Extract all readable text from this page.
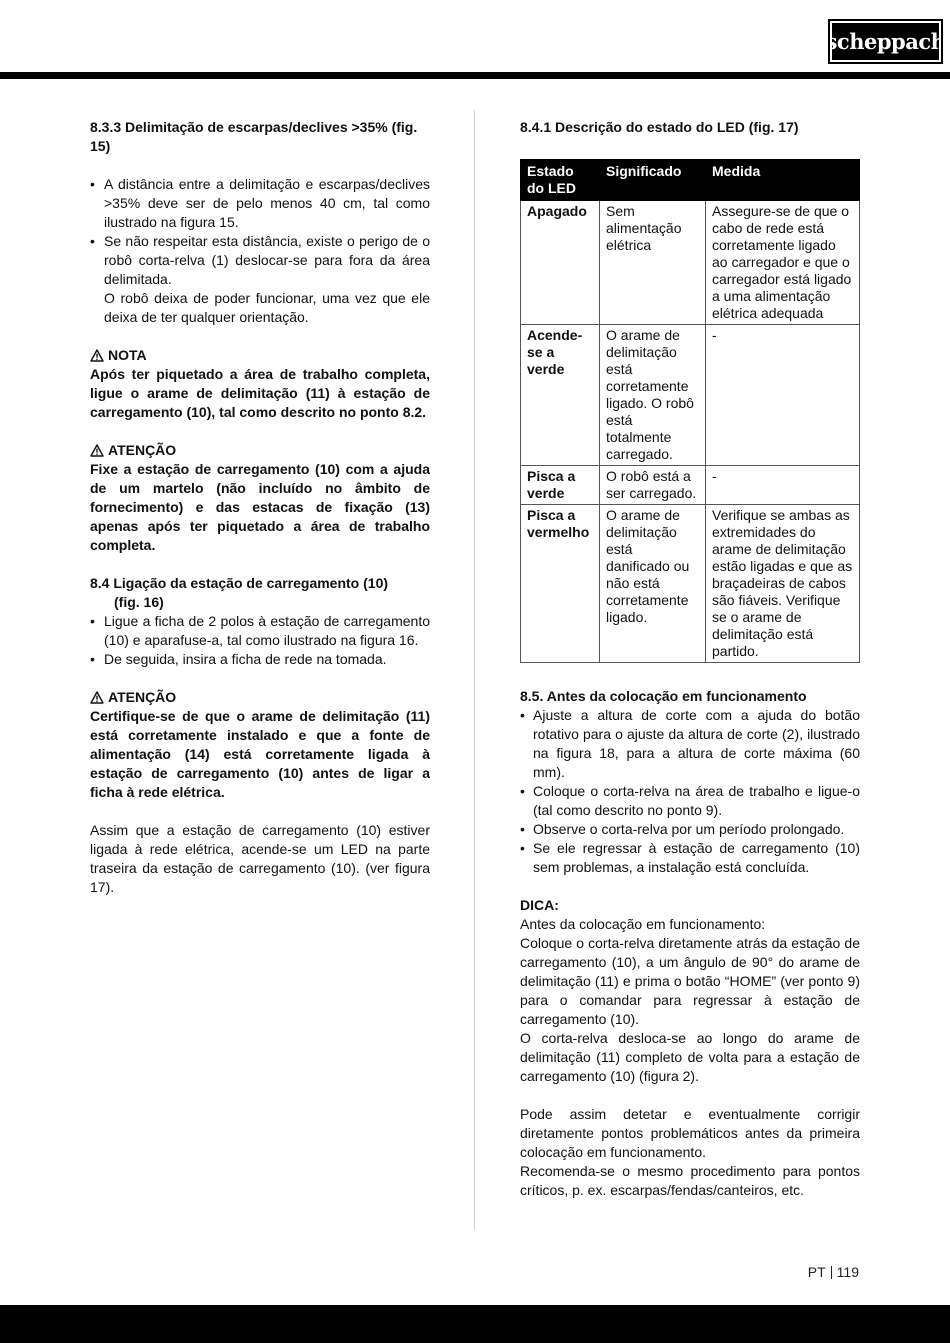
scheppach

8.3.3 Delimitação de escarpas/declives >35% (fig. 15)

• A distância entre a delimitação e escarpas/declives >35% deve ser de pelo menos 40 cm, tal como ilustrado na figura 15.
• Se não respeitar esta distância, existe o perigo de o robô corta-relva (1) deslocar-se para fora da área delimitada.

O robô deixa de poder funcionar, uma vez que ele deixa de ter qualquer orientação.

NOTA

Após ter piquetado a área de trabalho completa, ligue o arame de delimitação (11) à estação de carregamento (10), tal como descrito no ponto 8.2.

ATENÇÃO

Fixe a estação de carregamento (10) com a ajuda de um martelo (não incluído no âmbito de fornecimento) e das estacas de fixação (13) apenas após ter piquetado a área de trabalho completa.

8.4 Ligação da estação de carregamento (10)

(fig. 16)

• Ligue a ficha de 2 polos à estação de carregamento (10) e aparafuse-a, tal como ilustrado na figura 16.
• De seguida, insira a ficha de rede na tomada.
ATENÇÃO

Certifique-se de que o arame de delimitação (11) está corretamente instalado e que a fonte de alimentação (14) está corretamente ligada à estação de carregamento (10) antes de ligar a ficha à rede elétrica.

Assim que a estação de carregamento (10) estiver ligada à rede elétrica, acende-se um LED na parte traseira da estação de carregamento (10). (ver figura 17).

8.4.1 Descrição do estado do LED (fig. 17)

Estado do LED	Significado	Medida
Apagado	Sem alimentação elétrica	Assegure-se de que o cabo de rede está corretamente ligado ao carregador e que o carregador está ligado a uma alimentação elétrica adequada
Acende-se a verde	O arame de delimitação está corretamente ligado. O robô está totalmente carregado.	-
Pisca a verde	O robô está a ser carregado.	-
Pisca a vermelho	O arame de delimitação está danificado ou não está corretamente ligado.	Verifique se ambas as extremidades do arame de delimitação estão ligadas e que as braçadeiras de cabos são fiáveis. Verifique se o arame de delimitação está partido.

8.5. Antes da colocação em funcionamento

• Ajuste a altura de corte com a ajuda do botão rotativo para o ajuste da altura de corte (2), ilustrado na figura 18, para a altura de corte máxima (60 mm).
• Coloque o corta-relva na área de trabalho e ligue-o (tal como descrito no ponto 9).
• Observe o corta-relva por um período prolongado.
• Se ele regressar à estação de carregamento (10) sem problemas, a instalação está concluída.

DICA:

Antes da colocação em funcionamento:

Coloque o corta-relva diretamente atrás da estação de carregamento (10), a um ângulo de 90° do arame de delimitação (11) e prima o botão “HOME” (ver ponto 9) para o comandar para regressar à estação de carregamento (10).

O corta-relva desloca-se ao longo do arame de delimitação (11) completo de volta para a estação de carregamento (10) (figura 2).

Pode assim detetar e eventualmente corrigir diretamente pontos problemáticos antes da primeira colocação em funcionamento.

Recomenda-se o mesmo procedimento para pontos críticos, p. ex. escarpas/fendas/canteiros, etc.

PT 119
